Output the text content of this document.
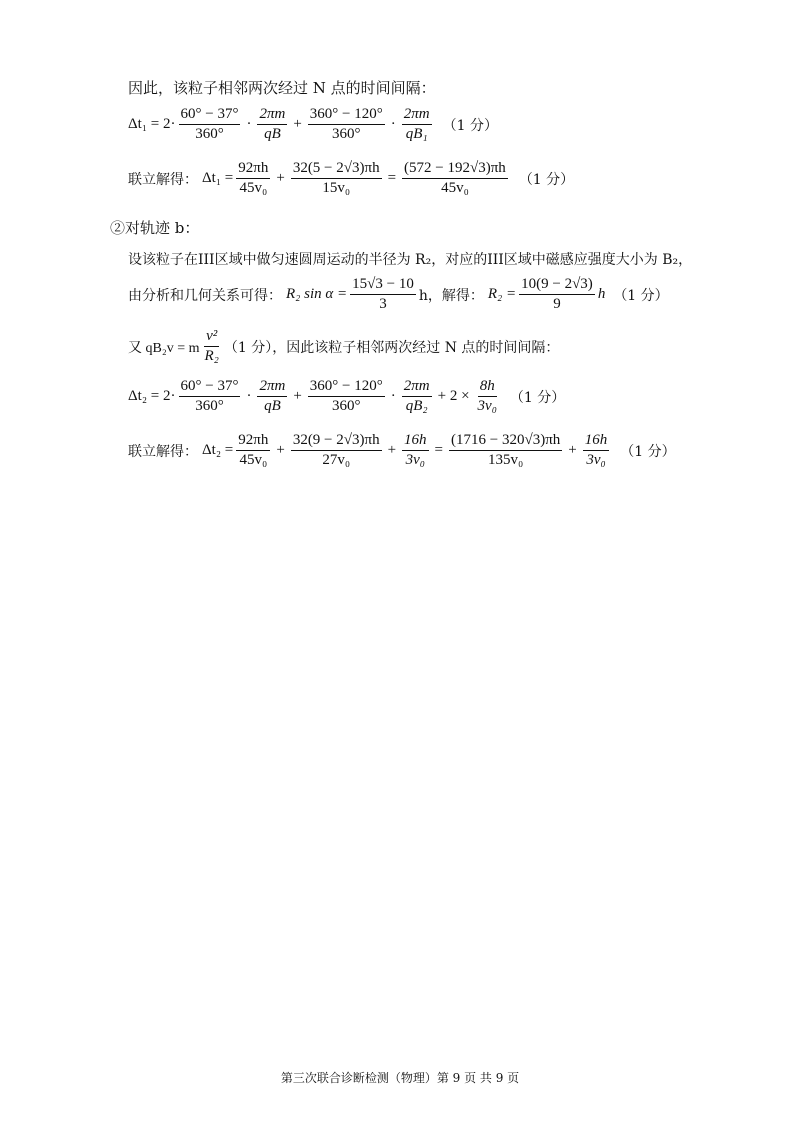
因此，该粒子相邻两次经过 N 点的时间间隔：
$\Delta t_1 = 2\cdot \frac{60^\circ - 37^\circ}{360^\circ} \cdot \frac{2\pi m}{qB} + \frac{360^\circ - 120^\circ}{360^\circ} \cdot \frac{2\pi m}{\text{qB₁}} (1$ 分）
联立解得： $\Delta t_1 = \frac{92\pi h}{\text{45v₀}} + \frac{32(5 - 2√3)\pi h}{\text{15v₀}} = \frac{(572 - 192√3)\pi h}{\text{45v₀}} (1$ 分）
②对轨迹 b：
设该粒子在III区域中做匀速圆周运动的半径为 R₂，对应的III区域中磁感应强度大小为 B₂，
由分析和几何关系可得： R₂ $\sin \alpha = \frac{15√3 - 10}{3}$ h，解得： $R_2 = \frac{10(9 - 2√3)}{9}$ h （1 分）
又 qB₂v = m $\frac{\text{v²}}{\text{R₂}} (1$ 分），因此该粒子相邻两次经过 N 点的时间间隔：
$\Delta t_2 = 2\cdot \frac{60^\circ - 37^\circ}{360^\circ} \cdot \frac{2\pi m}{qB} + \frac{360^\circ - 120^\circ}{360^\circ} \cdot \frac{2\pi m}{\text{qB₂}} + 2 \times \frac{8h}{\text{3v₀}} (1$ 分）
联立解得： $\Delta t_2 = \frac{92\pi h}{\text{45v₀}} + \frac{32(9 - 2√3)\pi h}{\text{27v₀}} + \frac{16h}{\text{3v₀}} = \frac{(1716 - 320√3)\pi h}{\text{135v₀}} + \frac{16h}{\text{3v₀}} (1$ 分）
第三次联合诊断检测（物理）第 9 页 共 9 页
